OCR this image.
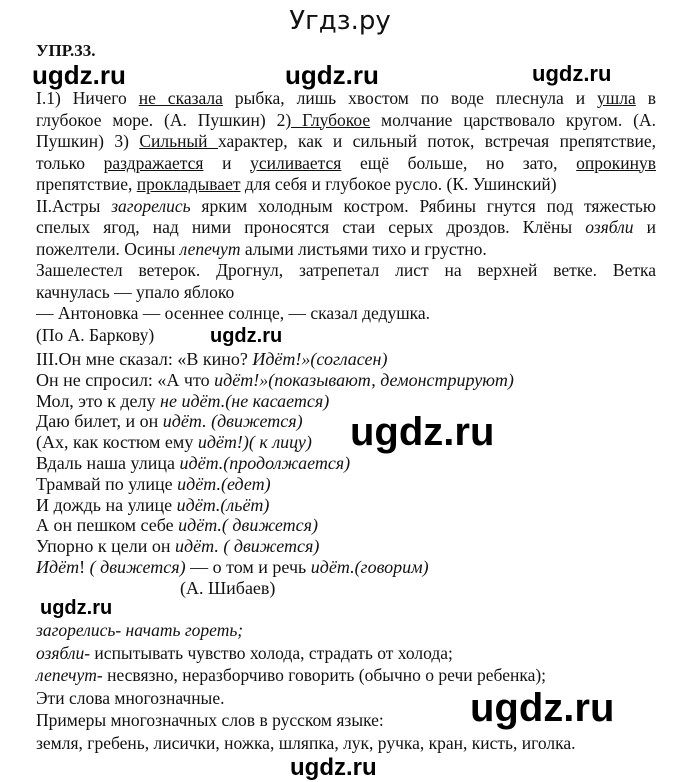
Угдз.ру
УПР.33.
I.1) Ничего не сказала рыбка, лишь хвостом по воде плеснула и ушла в
глубокое море. (А. Пушкин) 2) Глубокое молчание царствовало кругом. (А.
Пушкин) 3) Сильный характер, как и сильный поток, встречая препятствие,
только раздражается и усиливается ещё больше, но зато, опрокинув
препятствие, прокладывает для себя и глубокое русло. (К. Ушинский)
II.Астры загорелись ярким холодным костром. Рябины гнутся под тяжестью
спелых ягод, над ними проносятся стаи серых дроздов. Клёны озябли и
пожелтели. Осины лепечут алыми листьями тихо и грустно.
Зашелестел ветерок. Дрогнул, затрепетал лист на верхней ветке. Ветка
качнулась — упало яблоко
— Антоновка — осеннее солнце, — сказал дедушка.
(По А. Баркову)
III.Он мне сказал: «В кино? Идёт!»(согласен)
Он не спросил: «А что идёт!»(показывают, демонстрируют)
Мол, это к делу не идёт.(не касается)
Даю билет, и он идёт. (движется)
(Ах, как костюм ему идёт!)( к лицу)
Вдаль наша улица идёт.(продолжается)
Трамвай по улице идёт.(едет)
И дождь на улице идёт.(льёт)
А он пешком себе идёт.( движется)
Упорно к цели он идёт. ( движется)
Идёт! ( движется) — о том и речь идёт.(говорим)
(А. Шибаев)
загорелись- начать гореть;
озябли- испытывать чувство холода, страдать от холода;
лепечут- несвязно, неразборчиво говорить (обычно о речи ребенка);
Эти слова многозначные.
Примеры многозначных слов в русском языке:
земля, гребень, лисички, ножка, шляпка, лук, ручка, кран, кисть, иголка.
ugdz.ru	ugdz.ru	ugdz.ru
ugdz.ru
ugdz.ru
ugdz.ru
ugdz.ru
ugdz.ru
